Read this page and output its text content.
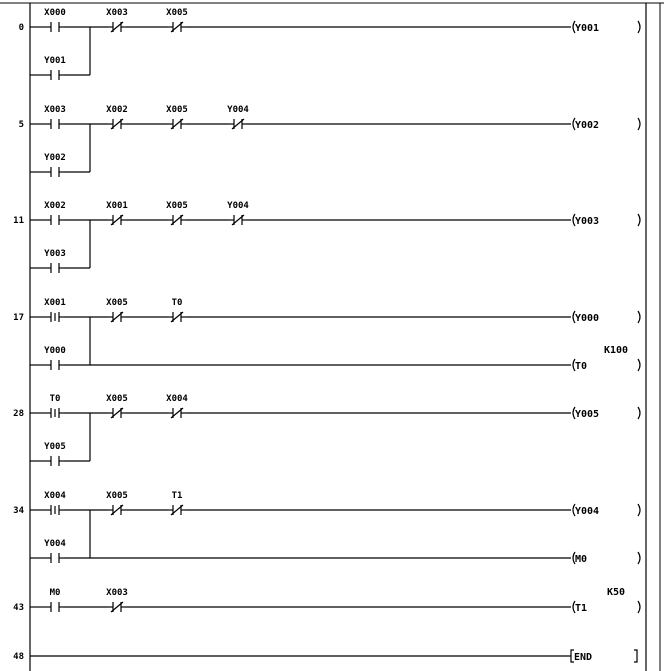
0
X000	X003	X005
Y001
Y001
5
X003	X002	X005	Y004
Y002
Y002
11
X002	X001	X005	Y004
Y003
Y003
17
X001	X005	T0
Y000
Y000
T0
K100
28
T0	X005	X004
Y005
Y005
34
X004	X005	T1
Y004
Y004
M0
43
M0	X003
T1
K50
48	END
